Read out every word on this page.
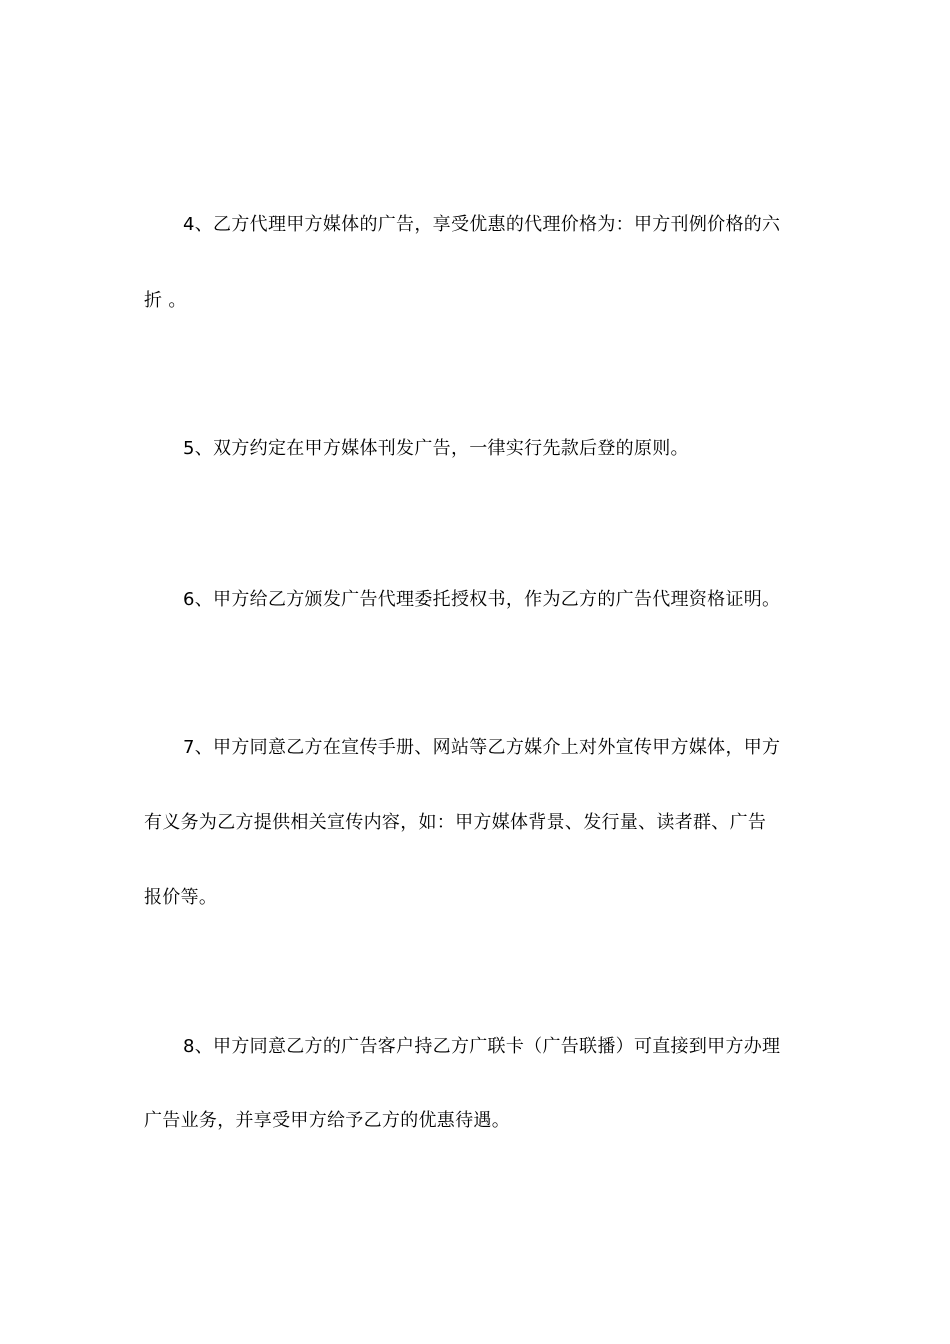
4、乙方代理甲方媒体的广告，享受优惠的代理价格为：甲方刊例价格的六

折 。

5、双方约定在甲方媒体刊发广告，一律实行先款后登的原则。

6、甲方给乙方颁发广告代理委托授权书，作为乙方的广告代理资格证明。

7、甲方同意乙方在宣传手册、网站等乙方媒介上对外宣传甲方媒体，甲方

有义务为乙方提供相关宣传内容，如：甲方媒体背景、发行量、读者群、广告

报价等。

8、甲方同意乙方的广告客户持乙方广联卡（广告联播）可直接到甲方办理

广告业务，并享受甲方给予乙方的优惠待遇。
